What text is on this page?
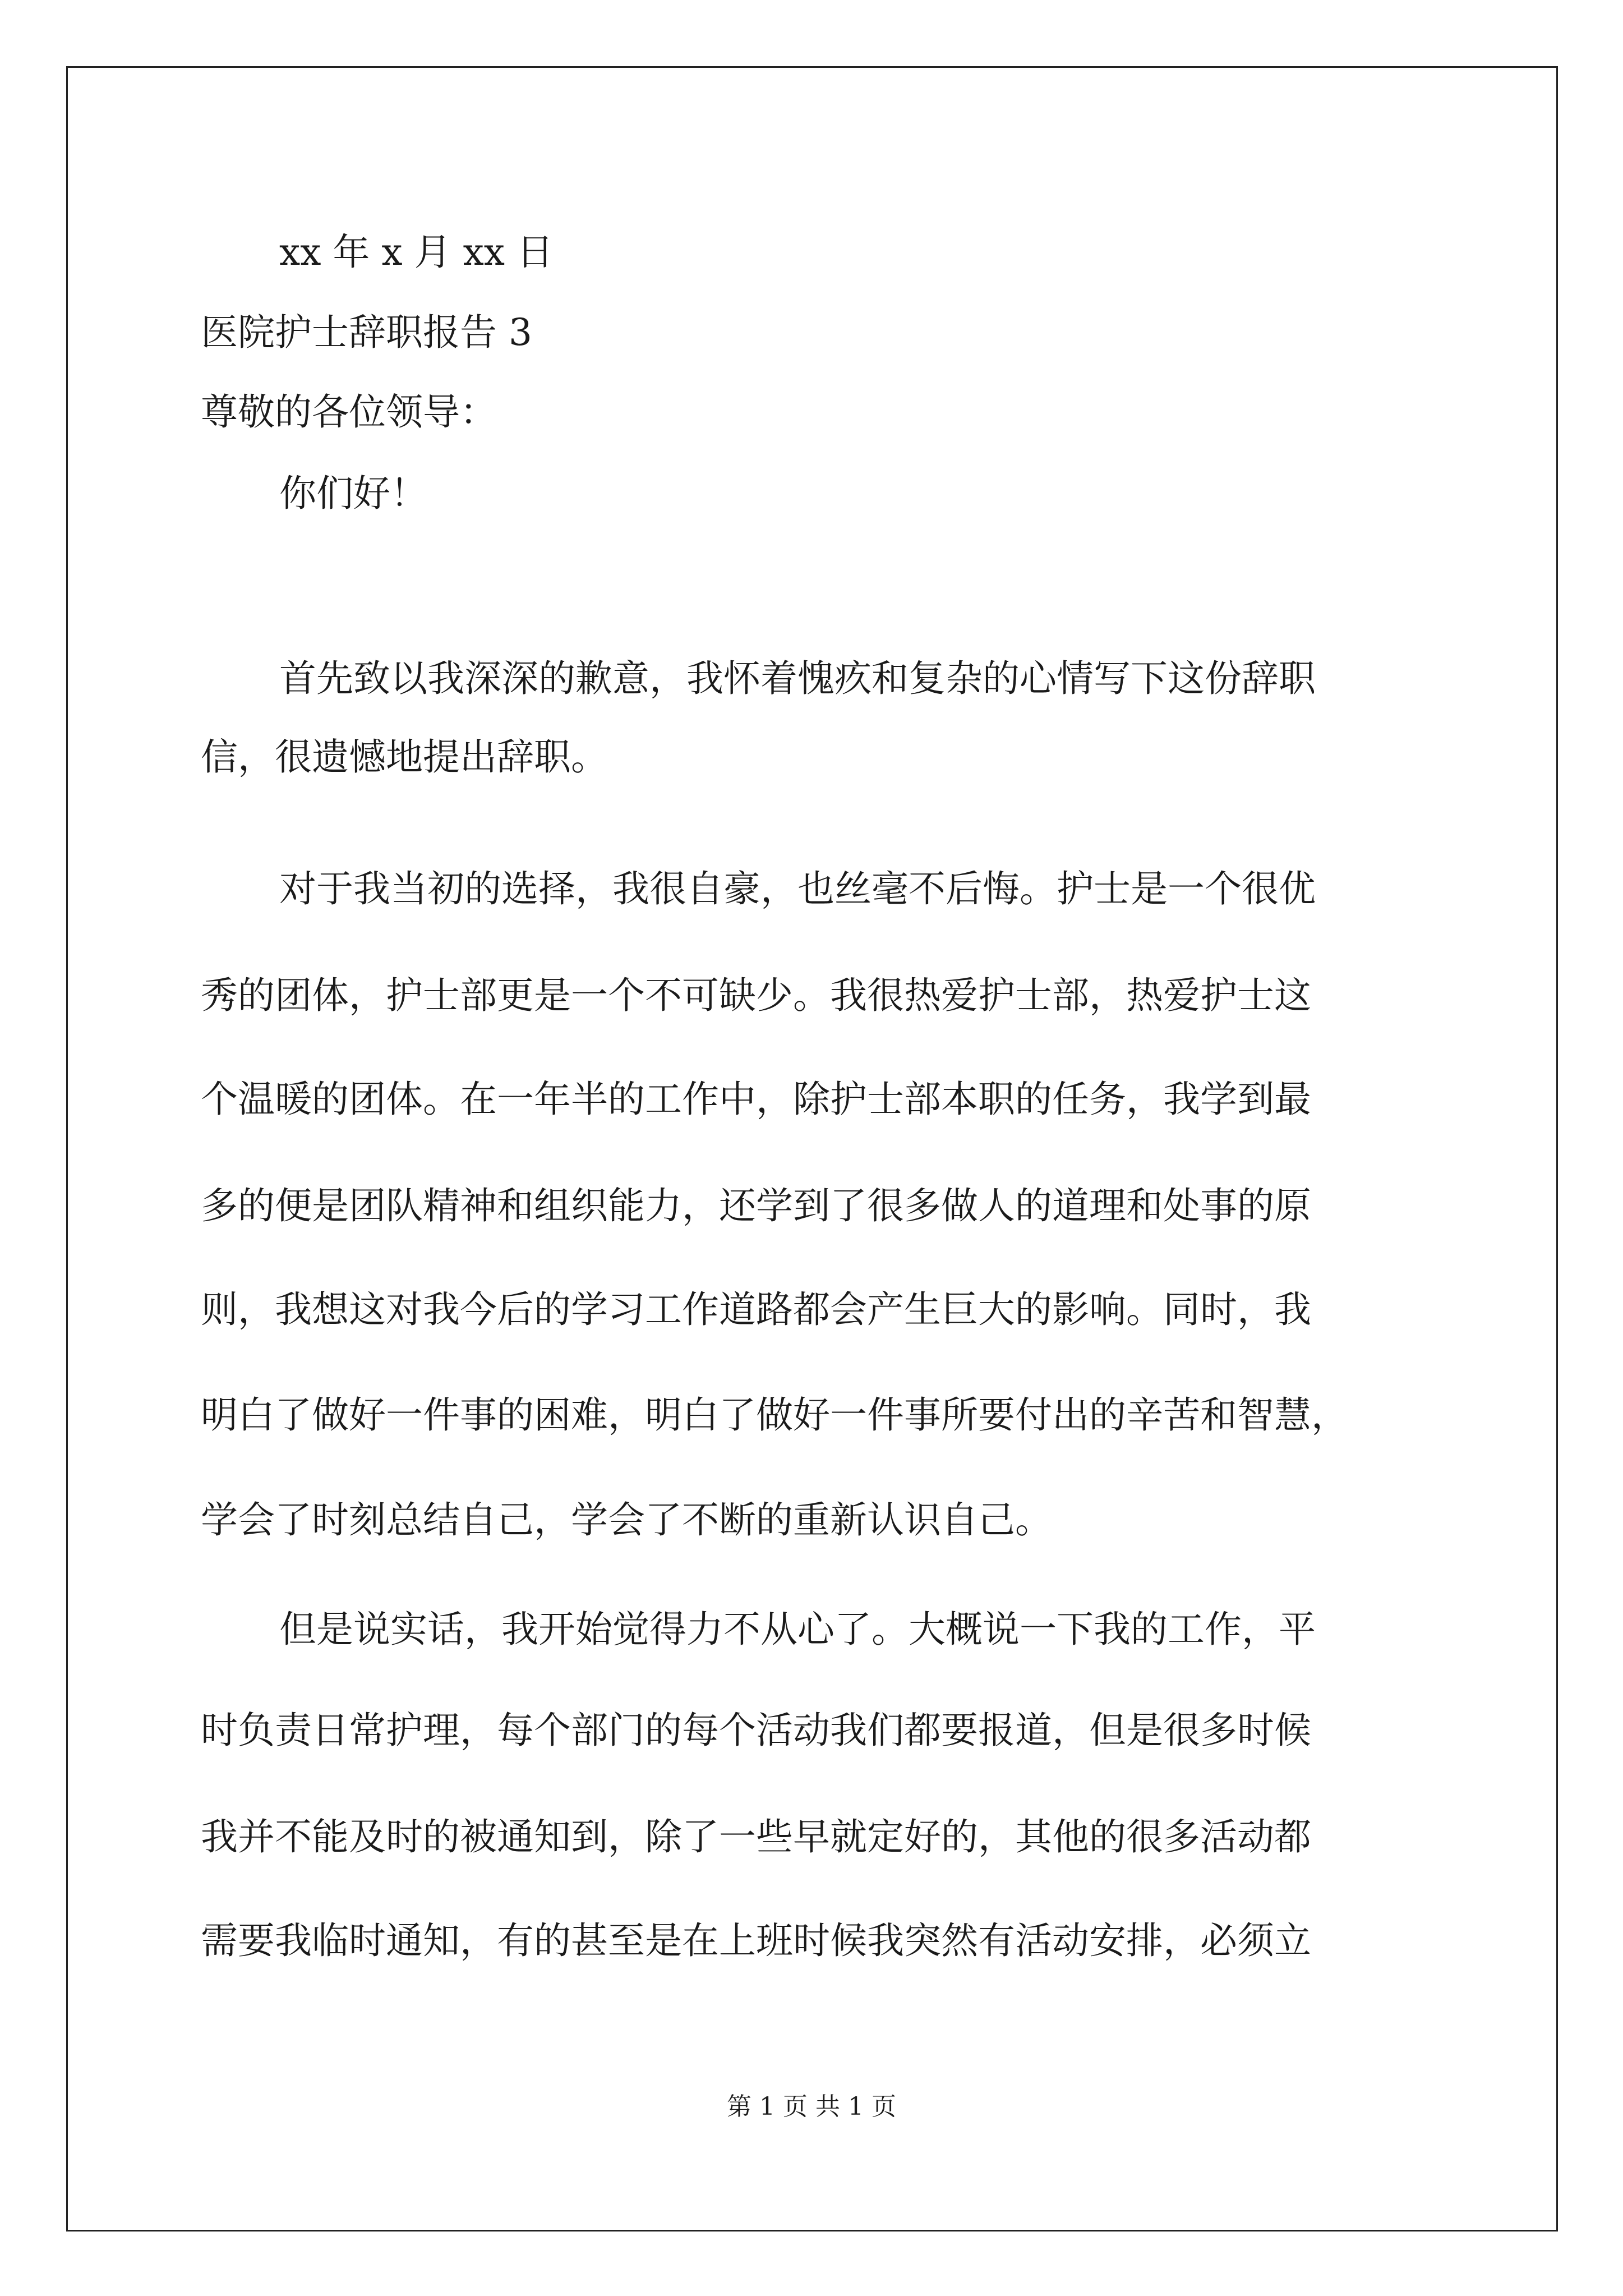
xx 年 x 月 xx 日
医院护士辞职报告 3
尊敬的各位领导：
你们好！
首先致以我深深的歉意，我怀着愧疚和复杂的心情写下这份辞职
信，很遗憾地提出辞职。
对于我当初的选择，我很自豪，也丝毫不后悔。护士是一个很优
秀的团体，护士部更是一个不可缺少。我很热爱护士部，热爱护士这
个温暖的团体。在一年半的工作中，除护士部本职的任务，我学到最
多的便是团队精神和组织能力，还学到了很多做人的道理和处事的原
则，我想这对我今后的学习工作道路都会产生巨大的影响。同时，我
明白了做好一件事的困难，明白了做好一件事所要付出的辛苦和智慧，
学会了时刻总结自己，学会了不断的重新认识自己。
但是说实话，我开始觉得力不从心了。大概说一下我的工作，平
时负责日常护理，每个部门的每个活动我们都要报道，但是很多时候
我并不能及时的被通知到，除了一些早就定好的，其他的很多活动都
需要我临时通知，有的甚至是在上班时候我突然有活动安排，必须立
第 1 页 共 1 页
